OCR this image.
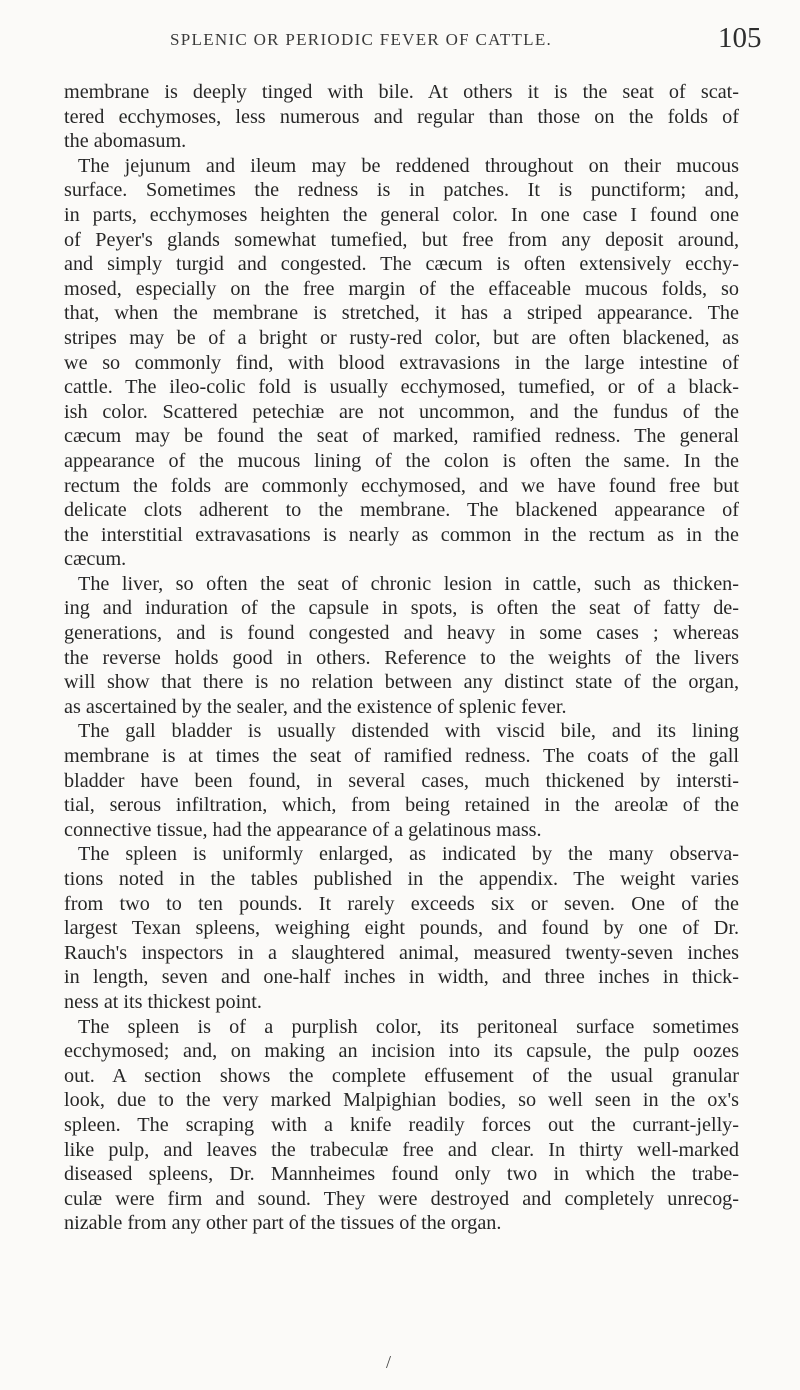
SPLENIC OR PERIODIC FEVER OF CATTLE.	105
membrane is deeply tinged with bile. At others it is the seat of scat-
tered ecchymoses, less numerous and regular than those on the folds of
the abomasum.
The jejunum and ileum may be reddened throughout on their mucous
surface. Sometimes the redness is in patches. It is punctiform; and,
in parts, ecchymoses heighten the general color. In one case I found one
of Peyer's glands somewhat tumefied, but free from any deposit around,
and simply turgid and congested. The cæcum is often extensively ecchy-
mosed, especially on the free margin of the effaceable mucous folds, so
that, when the membrane is stretched, it has a striped appearance. The
stripes may be of a bright or rusty-red color, but are often blackened, as
we so commonly find, with blood extravasions in the large intestine of
cattle. The ileo-colic fold is usually ecchymosed, tumefied, or of a black-
ish color. Scattered petechiæ are not uncommon, and the fundus of the
cæcum may be found the seat of marked, ramified redness. The general
appearance of the mucous lining of the colon is often the same. In the
rectum the folds are commonly ecchymosed, and we have found free but
delicate clots adherent to the membrane. The blackened appearance of
the interstitial extravasations is nearly as common in the rectum as in the
cæcum.
The liver, so often the seat of chronic lesion in cattle, such as thicken-
ing and induration of the capsule in spots, is often the seat of fatty de-
generations, and is found congested and heavy in some cases ; whereas
the reverse holds good in others. Reference to the weights of the livers
will show that there is no relation between any distinct state of the organ,
as ascertained by the sealer, and the existence of splenic fever.
The gall bladder is usually distended with viscid bile, and its lining
membrane is at times the seat of ramified redness. The coats of the gall
bladder have been found, in several cases, much thickened by intersti-
tial, serous infiltration, which, from being retained in the areolæ of the
connective tissue, had the appearance of a gelatinous mass.
The spleen is uniformly enlarged, as indicated by the many observa-
tions noted in the tables published in the appendix. The weight varies
from two to ten pounds. It rarely exceeds six or seven. One of the
largest Texan spleens, weighing eight pounds, and found by one of Dr.
Rauch's inspectors in a slaughtered animal, measured twenty-seven inches
in length, seven and one-half inches in width, and three inches in thick-
ness at its thickest point.
The spleen is of a purplish color, its peritoneal surface sometimes
ecchymosed; and, on making an incision into its capsule, the pulp oozes
out. A section shows the complete effusement of the usual granular
look, due to the very marked Malpighian bodies, so well seen in the ox's
spleen. The scraping with a knife readily forces out the currant-jelly-
like pulp, and leaves the trabeculæ free and clear. In thirty well-marked
diseased spleens, Dr. Mannheimes found only two in which the trabe-
culæ were firm and sound. They were destroyed and completely unrecog-
nizable from any other part of the tissues of the organ.
/
